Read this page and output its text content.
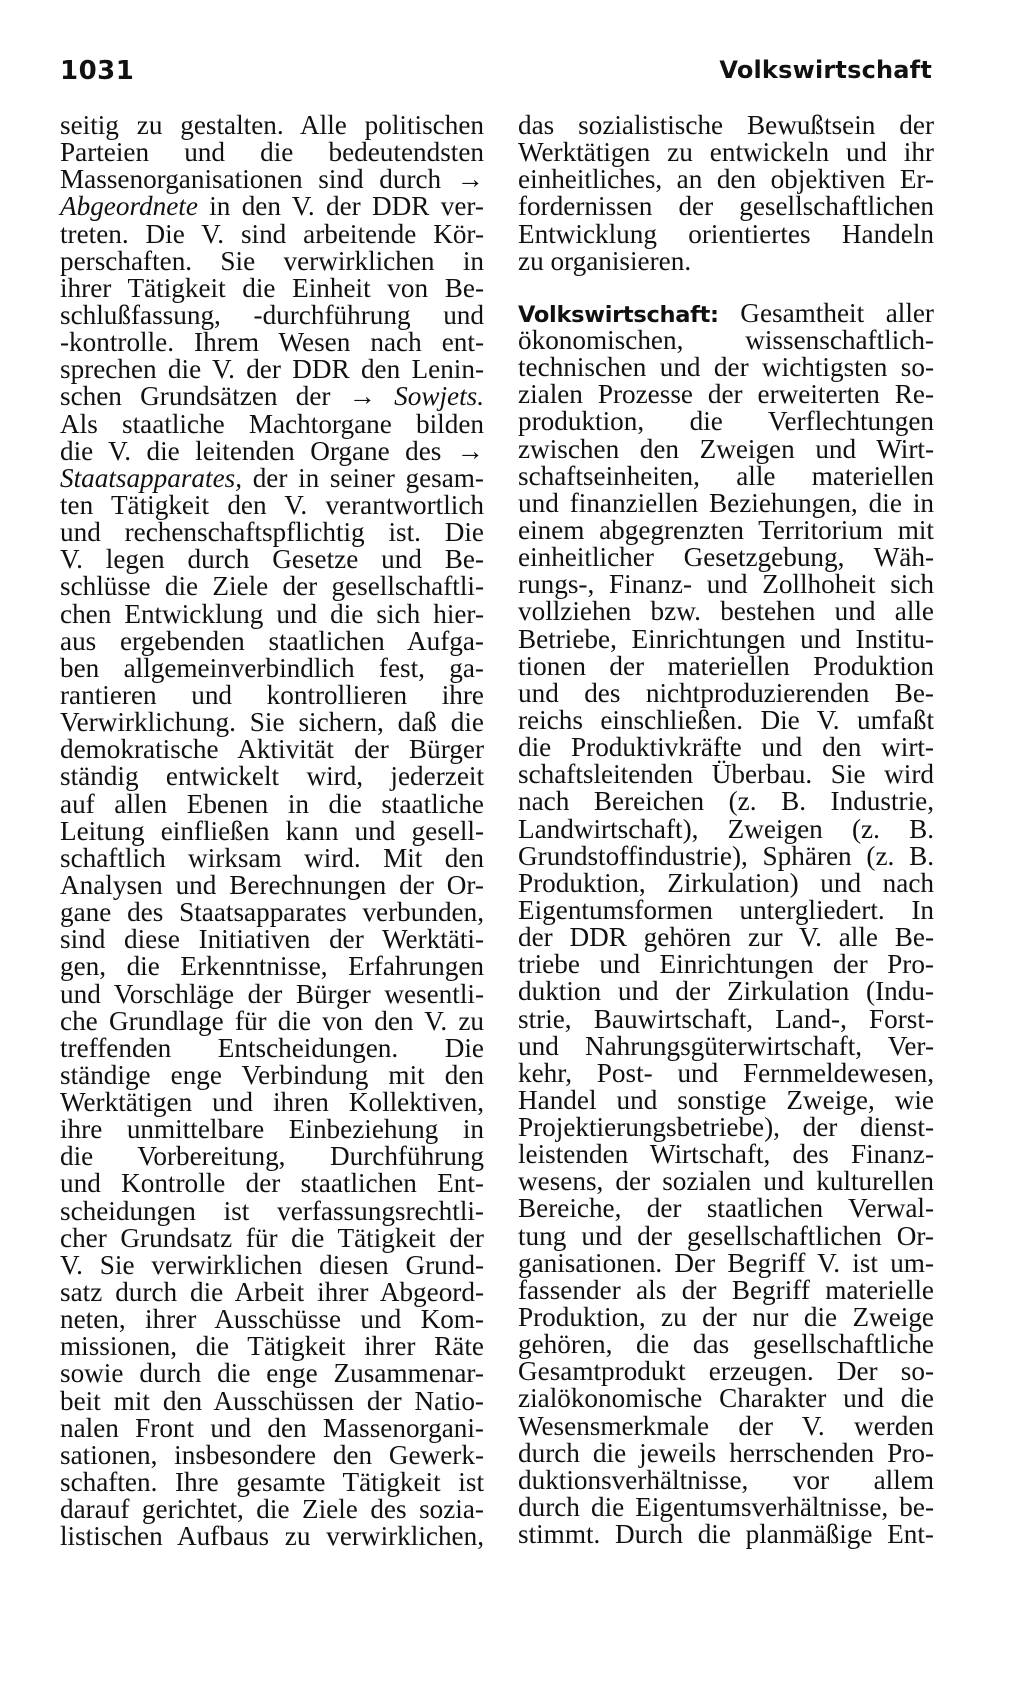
1031	Volkswirtschaft
seitig zu gestalten. Alle politischen
Parteien und die bedeutendsten
Massenorganisationen sind durch →
Abgeordnete in den V. der DDR ver-
treten. Die V. sind arbeitende Kör-
perschaften. Sie verwirklichen in
ihrer Tätigkeit die Einheit von Be-
schlußfassung, -durchführung und
-kontrolle. Ihrem Wesen nach ent-
sprechen die V. der DDR den Lenin-
schen Grundsätzen der → Sowjets.
Als staatliche Machtorgane bilden
die V. die leitenden Organe des →
Staatsapparates, der in seiner gesam-
ten Tätigkeit den V. verantwortlich
und rechenschaftspflichtig ist. Die
V. legen durch Gesetze und Be-
schlüsse die Ziele der gesellschaftli-
chen Entwicklung und die sich hier-
aus ergebenden staatlichen Aufga-
ben allgemeinverbindlich fest, ga-
rantieren und kontrollieren ihre
Verwirklichung. Sie sichern, daß die
demokratische Aktivität der Bürger
ständig entwickelt wird, jederzeit
auf allen Ebenen in die staatliche
Leitung einfließen kann und gesell-
schaftlich wirksam wird. Mit den
Analysen und Berechnungen der Or-
gane des Staatsapparates verbunden,
sind diese Initiativen der Werktäti-
gen, die Erkenntnisse, Erfahrungen
und Vorschläge der Bürger wesentli-
che Grundlage für die von den V. zu
treffenden Entscheidungen. Die
ständige enge Verbindung mit den
Werktätigen und ihren Kollektiven,
ihre unmittelbare Einbeziehung in
die Vorbereitung, Durchführung
und Kontrolle der staatlichen Ent-
scheidungen ist verfassungsrechtli-
cher Grundsatz für die Tätigkeit der
V. Sie verwirklichen diesen Grund-
satz durch die Arbeit ihrer Abgeord-
neten, ihrer Ausschüsse und Kom-
missionen, die Tätigkeit ihrer Räte
sowie durch die enge Zusammenar-
beit mit den Ausschüssen der Natio-
nalen Front und den Massenorgani-
sationen, insbesondere den Gewerk-
schaften. Ihre gesamte Tätigkeit ist
darauf gerichtet, die Ziele des sozia-
listischen Aufbaus zu verwirklichen,
das sozialistische Bewußtsein der
Werktätigen zu entwickeln und ihr
einheitliches, an den objektiven Er-
fordernissen der gesellschaftlichen
Entwicklung orientiertes Handeln
zu organisieren.
Volkswirtschaft: Gesamtheit aller
ökonomischen, wissenschaftlich-
technischen und der wichtigsten so-
zialen Prozesse der erweiterten Re-
produktion, die Verflechtungen
zwischen den Zweigen und Wirt-
schaftseinheiten, alle materiellen
und finanziellen Beziehungen, die in
einem abgegrenzten Territorium mit
einheitlicher Gesetzgebung, Wäh-
rungs-, Finanz- und Zollhoheit sich
vollziehen bzw. bestehen und alle
Betriebe, Einrichtungen und Institu-
tionen der materiellen Produktion
und des nichtproduzierenden Be-
reichs einschließen. Die V. umfaßt
die Produktivkräfte und den wirt-
schaftsleitenden Überbau. Sie wird
nach Bereichen (z. B. Industrie,
Landwirtschaft), Zweigen (z. B.
Grundstoffindustrie), Sphären (z. B.
Produktion, Zirkulation) und nach
Eigentumsformen untergliedert. In
der DDR gehören zur V. alle Be-
triebe und Einrichtungen der Pro-
duktion und der Zirkulation (Indu-
strie, Bauwirtschaft, Land-, Forst-
und Nahrungsgüterwirtschaft, Ver-
kehr, Post- und Fernmeldewesen,
Handel und sonstige Zweige, wie
Projektierungsbetriebe), der dienst-
leistenden Wirtschaft, des Finanz-
wesens, der sozialen und kulturellen
Bereiche, der staatlichen Verwal-
tung und der gesellschaftlichen Or-
ganisationen. Der Begriff V. ist um-
fassender als der Begriff materielle
Produktion, zu der nur die Zweige
gehören, die das gesellschaftliche
Gesamtprodukt erzeugen. Der so-
zialökonomische Charakter und die
Wesensmerkmale der V. werden
durch die jeweils herrschenden Pro-
duktionsverhältnisse, vor allem
durch die Eigentumsverhältnisse, be-
stimmt. Durch die planmäßige Ent-
